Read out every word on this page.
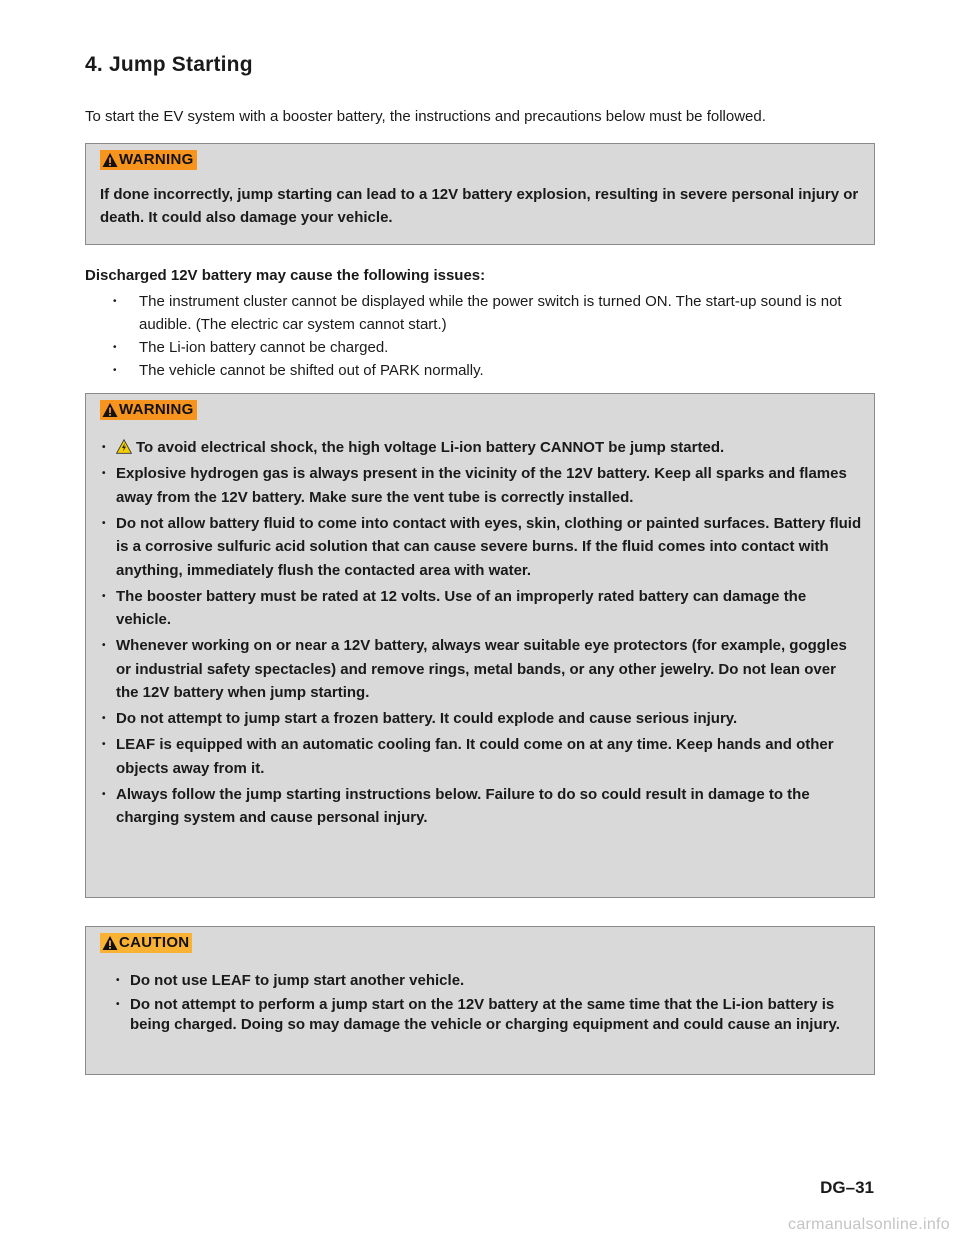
4. Jump Starting

To start the EV system with a booster battery, the instructions and precautions below must be followed.

WARNING

If done incorrectly, jump starting can lead to a 12V battery explosion, resulting in severe personal injury or death. It could also damage your vehicle.

Discharged 12V battery may cause the following issues:

• The instrument cluster cannot be displayed while the power switch is turned ON. The start-up sound is not audible. (The electric car system cannot start.)
• The Li-ion battery cannot be charged.
• The vehicle cannot be shifted out of PARK normally.
WARNING
• To avoid electrical shock, the high voltage Li-ion battery CANNOT be jump started.
• Explosive hydrogen gas is always present in the vicinity of the 12V battery. Keep all sparks and flames away from the 12V battery. Make sure the vent tube is correctly installed.
• Do not allow battery fluid to come into contact with eyes, skin, clothing or painted surfaces. Battery fluid is a corrosive sulfuric acid solution that can cause severe burns. If the fluid comes into contact with anything, immediately flush the contacted area with water.
• The booster battery must be rated at 12 volts. Use of an improperly rated battery can damage the vehicle.
• Whenever working on or near a 12V battery, always wear suitable eye protectors (for example, goggles or industrial safety spectacles) and remove rings, metal bands, or any other jewelry. Do not lean over the 12V battery when jump starting.
• Do not attempt to jump start a frozen battery. It could explode and cause serious injury.
• LEAF is equipped with an automatic cooling fan. It could come on at any time. Keep hands and other objects away from it.
• Always follow the jump starting instructions below. Failure to do so could result in damage to the charging system and cause personal injury.
CAUTION
• Do not use LEAF to jump start another vehicle.
• Do not attempt to perform a jump start on the 12V battery at the same time that the Li-ion battery is being charged. Doing so may damage the vehicle or charging equipment and could cause an injury.
DG–31
carmanualsonline.info
